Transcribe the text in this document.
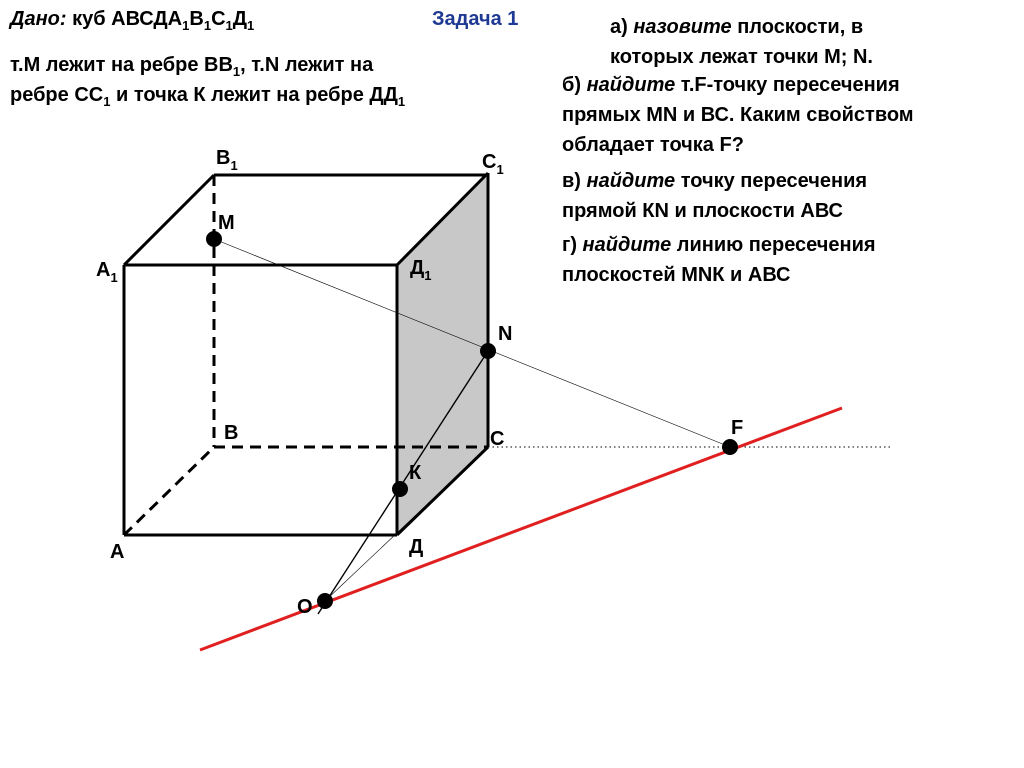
Дано: куб $АВСДА_1В_1С_1Д_1$	Задача 1
т.М лежит на ребре $ВВ_1$, т.N лежит на
ребре $СС_1$ и точка К лежит на ребре $ДД_1$
а) назовите плоскости, в
которых лежат точки М; N.
б) найдите т.F-точку пересечения
прямых MN и ВС. Каким свойством
обладает точка F?
в) найдите точку пересечения
прямой КN и плоскости АВС
г) найдите линию пересечения
плоскостей МNК и АВС
$В_1$	$С_1$
$А_1$	$Д_1$
В	С
А	Д
М
N
К
F
O
